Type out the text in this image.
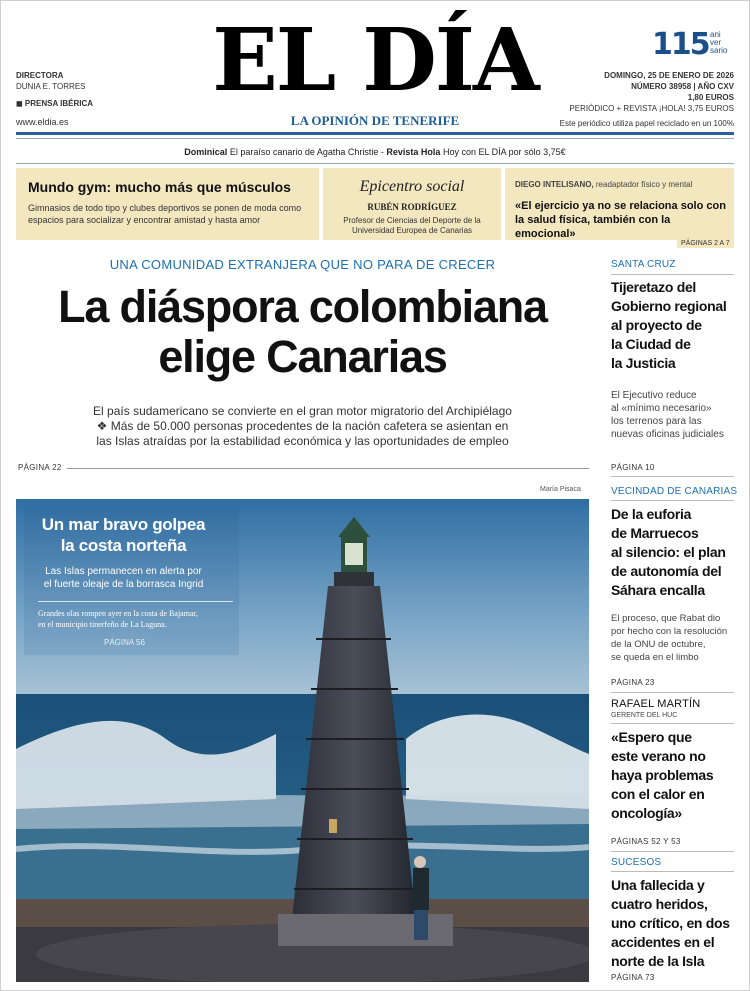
DIRECTORA
DUNIA E. TORRES
◼ PRENSA IBÉRICA
www.eldia.es
EL DÍA
LA OPINIÓN DE TENERIFE
115 ani
ver
sario
DOMINGO, 25 DE ENERO DE 2026
NÚMERO 38958 | AÑO CXV
1,80 EUROS
PERIÓDICO + REVISTA ¡HOLA! 3,75 EUROS
Este periódico utiliza papel reciclado en un 100%
Dominical El paraíso canario de Agatha Christie - Revista Hola Hoy con EL DÍA por sólo 3,75€
Mundo gym: mucho más que músculos
Gimnasios de todo tipo y clubes deportivos se ponen de moda como espacios para socializar y encontrar amistad y hasta amor
Epicentro social
RUBÉN RODRÍGUEZ
Profesor de Ciencias del Deporte de la Universidad Europea de Canarias
DIEGO INTELISANO, readaptador físico y mental
«El ejercicio ya no se relaciona solo con la salud física, también con la emocional»
PÁGINAS 2 A 7
UNA COMUNIDAD EXTRANJERA QUE NO PARA DE CRECER
La diáspora colombiana
elige Canarias
El país sudamericano se convierte en el gran motor migratorio del Archipiélago
❖ Más de 50.000 personas procedentes de la nación cafetera se asientan en
las Islas atraídas por la estabilidad económica y las oportunidades de empleo
PÁGINA 22
María Pisaca
Un mar bravo golpea
la costa norteña
Las Islas permanecen en alerta por
el fuerte oleaje de la borrasca Ingrid
Grandes olas rompen ayer en la costa de Bajamar,
en el municipio tinerfeño de La Laguna.
PÁGINA 56
SANTA CRUZ
Tijeretazo del
Gobierno regional
al proyecto de
la Ciudad de
la Justicia
El Ejecutivo reduce
al «mínimo necesario»
los terrenos para las
nuevas oficinas judiciales
PÁGINA 10
VECINDAD DE CANARIAS
De la euforia
de Marruecos
al silencio: el plan
de autonomía del
Sáhara encalla
El proceso, que Rabat dio
por hecho con la resolución
de la ONU de octubre,
se queda en el limbo
PÁGINA 23
RAFAEL MARTÍN
GERENTE DEL HUC
«Espero que
este verano no
haya problemas
con el calor en
oncología»
PÁGINAS 52 Y 53
SUCESOS
Una fallecida y
cuatro heridos,
uno crítico, en dos
accidentes en el
norte de la Isla
PÁGINA 73
